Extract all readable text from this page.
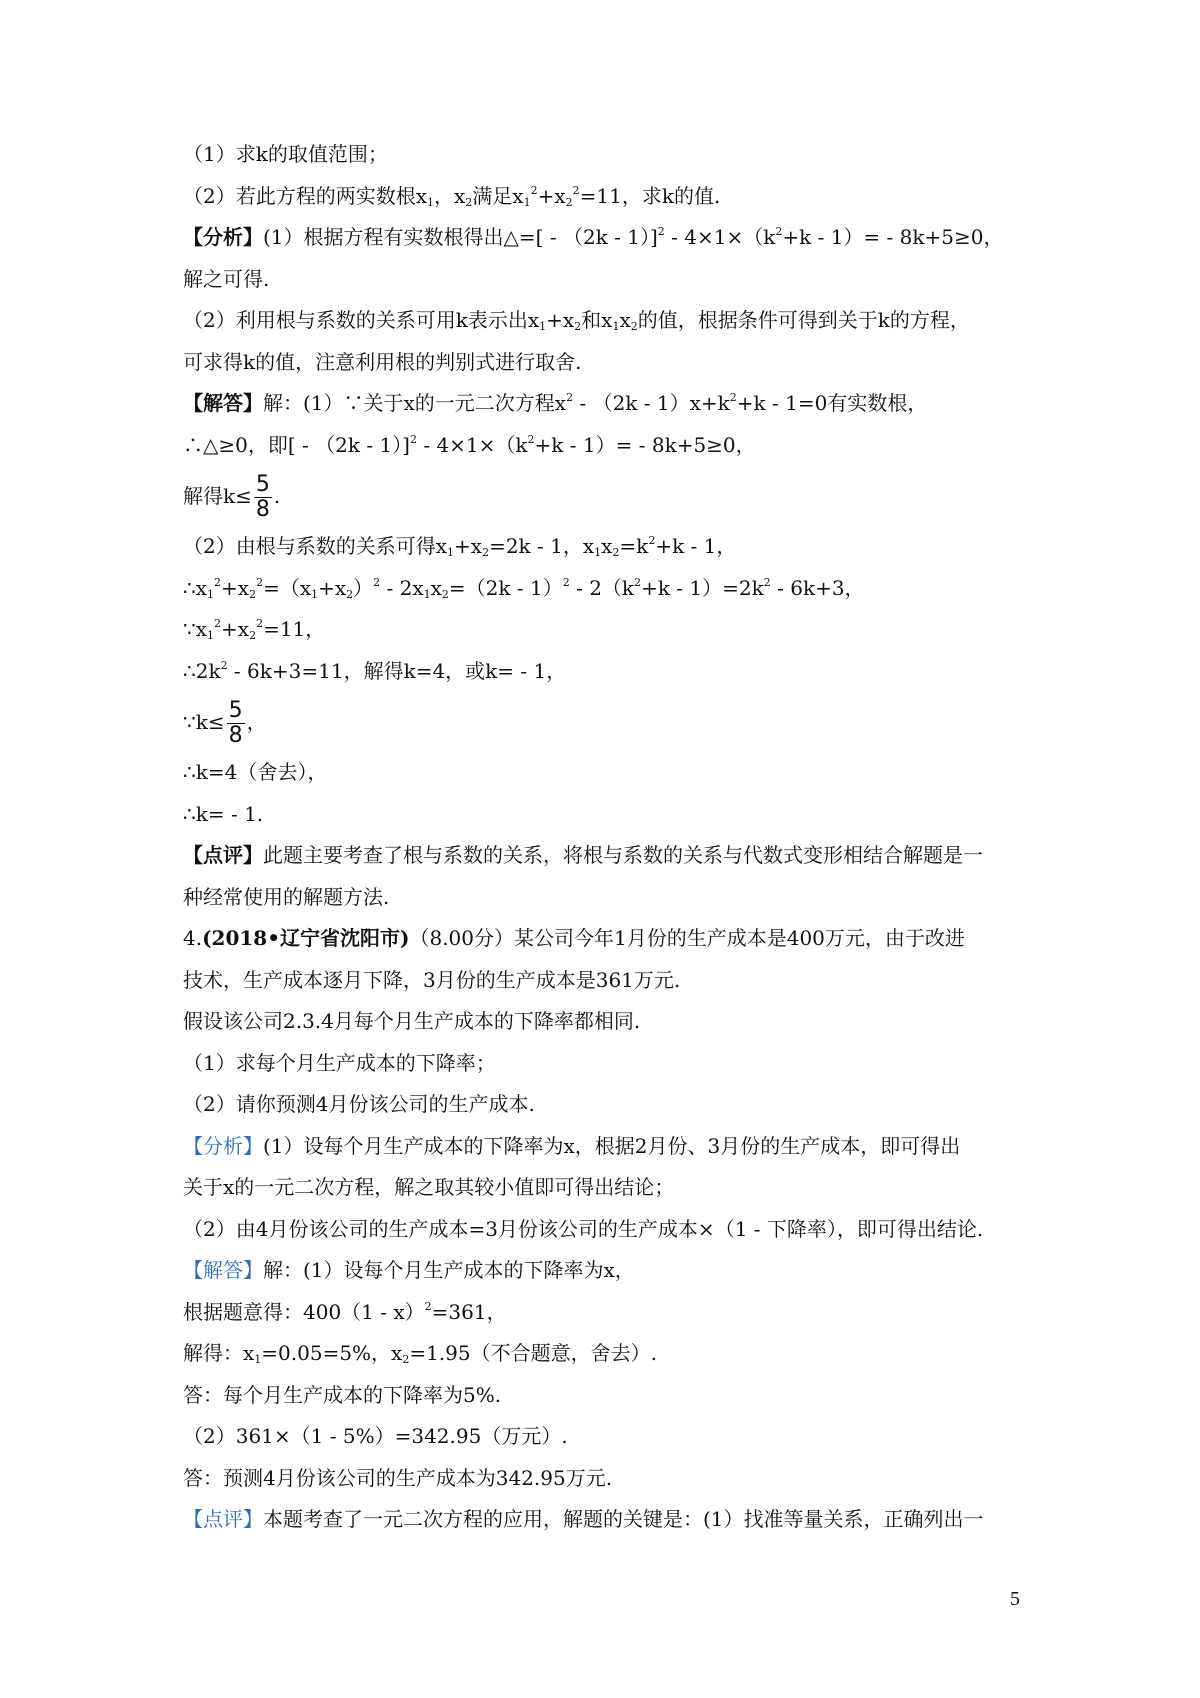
（1）求k的取值范围；
（2）若此方程的两实数根$x_1$，$x_2$满足$x_1^2+x_2^2=11$，求k的值.
【分析】(1）根据方程有实数根得出△=[ - $(2k - 1)]^2 - 4\times 1\times(k^2+k - 1)= - 8k+5\ge 0$，
解之可得.
（2）利用根与系数的关系可用k表示出$x_1+x_2$和$x_1x_2$的值，根据条件可得到关于k的方程，
可求得k的值，注意利用根的判别式进行取舍.
【解答】解：(1）∵关于x的一元二次方程$x^2 - (2k - 1)x+k^2+k - 1=0$有实数根，
∴△≥0，即[ - $(2k - 1)]^2 - 4\times 1\times(k^2+k - 1)= - 8k+5\ge 0$，
解得$k\le \frac{5}{8}$ .
（2）由根与系数的关系可得$x_1+x_2=2k - 1$，$x_1x_2=k^2+k - 1$，
$\therefore x_1^2+x_2^2=(x_1+x_2)^2 - 2x_1x_2=(2k - 1)^2 - 2(k^2+k - 1)=2k^2 - 6k+3$，
$\because x_1^2+x_2^2=11$，
$\therefore 2k^2 - 6k+3=11$，解得k=4，或k= - 1，
∵k≤ $\frac{5}{8}$ ，
∴k=4（舍去），
∴k= - 1.
【点评】此题主要考查了根与系数的关系，将根与系数的关系与代数式变形相结合解题是一
种经常使用的解题方法.
4.(2018•辽宁省沈阳市)（8.00分）某公司今年1月份的生产成本是400万元，由于改进
技术，生产成本逐月下降，3月份的生产成本是361万元.
假设该公司2.3.4月每个月生产成本的下降率都相同.
（1）求每个月生产成本的下降率；
（2）请你预测4月份该公司的生产成本.
【分析】(1）设每个月生产成本的下降率为x，根据2月份、3月份的生产成本，即可得出
关于x的一元二次方程，解之取其较小值即可得出结论；
（2）由4月份该公司的生产成本=3月份该公司的生产成本×（1 - 下降率），即可得出结论.
【解答】解：(1）设每个月生产成本的下降率为x，
根据题意得：400（1 - x）$^2$=361，
解得：$x_1=0.05=5\%$，$x_2=1.95$（不合题意，舍去）.
答：每个月生产成本的下降率为5%.
（2）361×（1 - 5%）=342.95（万元）.
答：预测4月份该公司的生产成本为342.95万元.
【点评】本题考查了一元二次方程的应用，解题的关键是：(1）找准等量关系，正确列出一
5
